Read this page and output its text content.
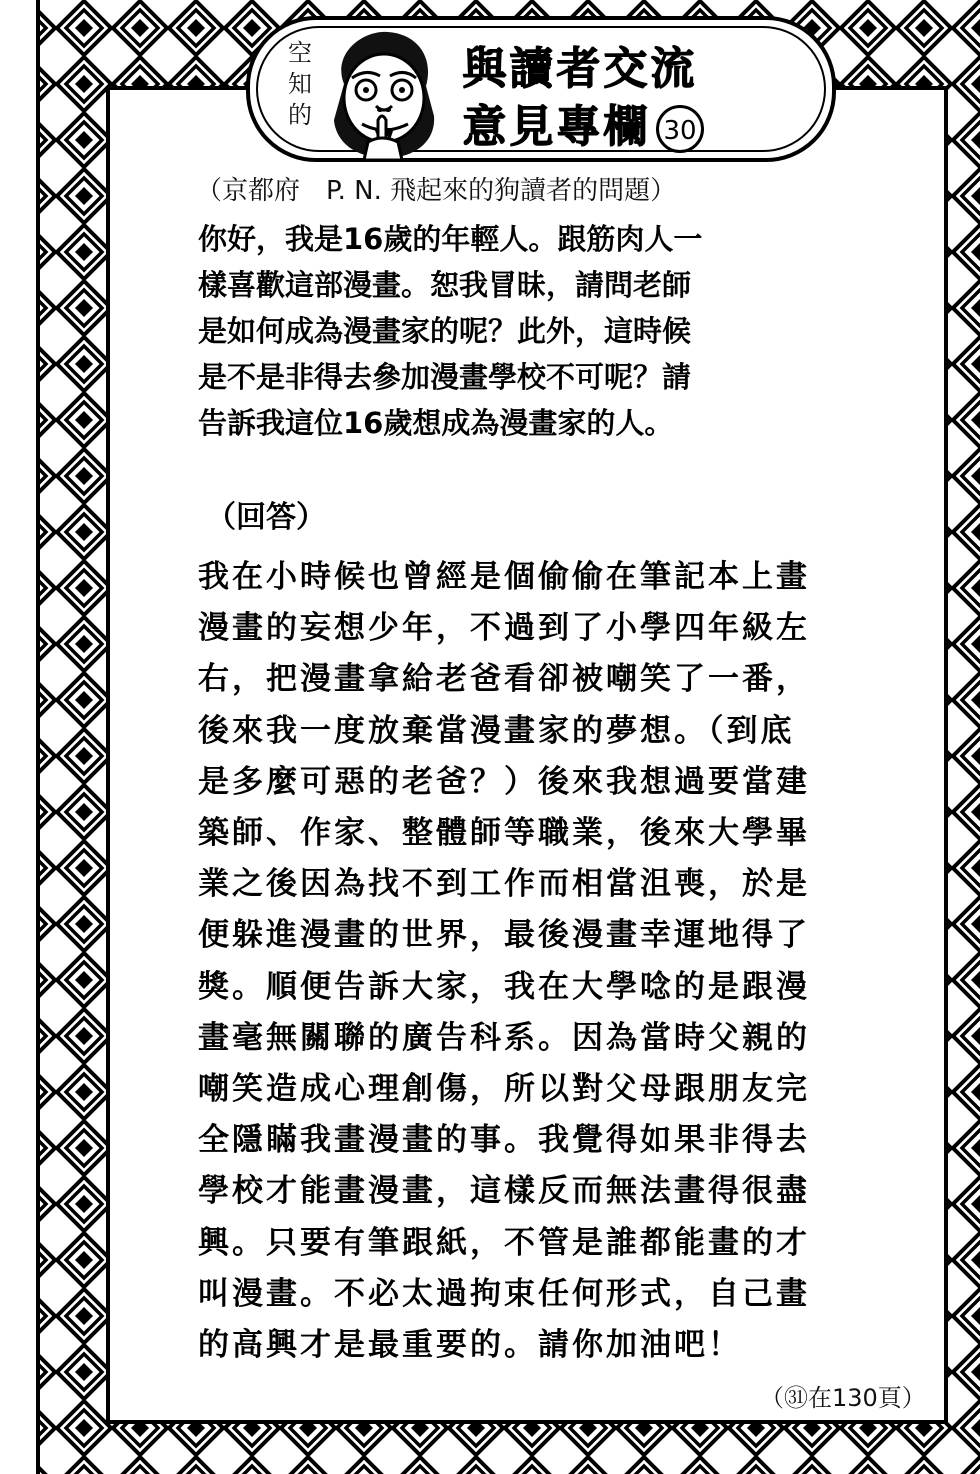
空
知
的
與讀者交流
意見專欄 30
（京都府　P. N. 飛起來的狗讀者的問題）
你好，我是16歲的年輕人。跟筋肉人一
樣喜歡這部漫畫。恕我冒昧，請問老師
是如何成為漫畫家的呢？此外，這時候
是不是非得去參加漫畫學校不可呢？請
告訴我這位16歲想成為漫畫家的人。
（回答）
我在小時候也曾經是個偷偷在筆記本上畫
漫畫的妄想少年，不過到了小學四年級左
右，把漫畫拿給老爸看卻被嘲笑了一番，
後來我一度放棄當漫畫家的夢想。（到底
是多麼可惡的老爸？）後來我想過要當建
築師、作家、整體師等職業，後來大學畢
業之後因為找不到工作而相當沮喪，於是
便躲進漫畫的世界，最後漫畫幸運地得了
獎。順便告訴大家，我在大學唸的是跟漫
畫毫無關聯的廣告科系。因為當時父親的
嘲笑造成心理創傷，所以對父母跟朋友完
全隱瞞我畫漫畫的事。我覺得如果非得去
學校才能畫漫畫，這樣反而無法畫得很盡
興。只要有筆跟紙，不管是誰都能畫的才
叫漫畫。不必太過拘束任何形式，自己畫
的高興才是最重要的。請你加油吧！
（㉛在130頁）
